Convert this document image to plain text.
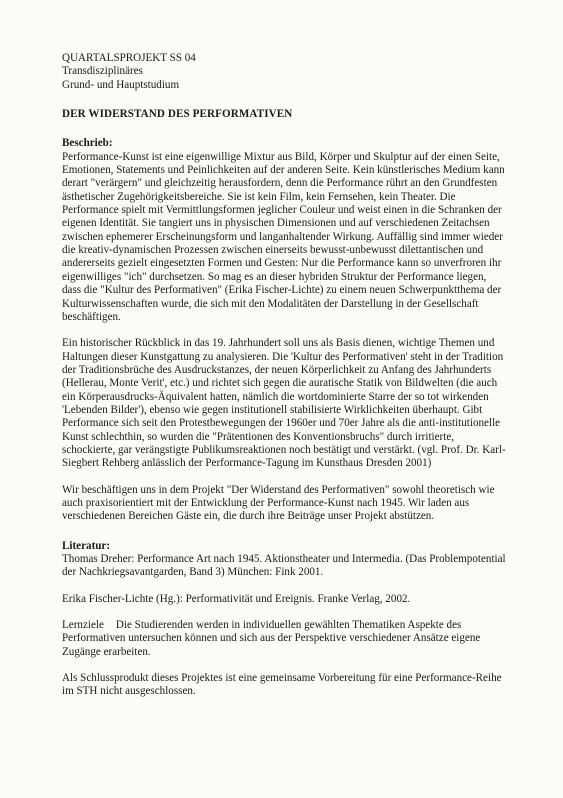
QUARTALSPROJEKT SS 04
Transdisziplinäres
Grund- und Hauptstudium
DER WIDERSTAND DES PERFORMATIVEN
Beschrieb:

Performance-Kunst ist eine eigenwillige Mixtur aus Bild, Körper und Skulptur auf der einen Seite, Emotionen, Statements und Peinlichkeiten auf der anderen Seite. Kein künstlerisches Medium kann derart "verärgern" und gleichzeitig herausfordern, denn die Performance rührt an den Grundfesten ästhetischer Zugehörigkeitsbereiche. Sie ist kein Film, kein Fernsehen, kein Theater. Die Performance spielt mit Vermittlungsformen jeglicher Couleur und weist einen in die Schranken der eigenen Identität. Sie tangiert uns in physischen Dimensionen und auf verschiedenen Zeitachsen zwischen ephemerer Erscheinungsform und langanhaltender Wirkung. Auffällig sind immer wieder die kreativ-dynamischen Prozessen zwischen einerseits bewusst-unbewusst dilettantischen und andererseits gezielt eingesetzten Formen und Gesten: Nur die Performance kann so unverfroren ihr eigenwilliges "ich" durchsetzen. So mag es an dieser hybriden Struktur der Performance liegen, dass die "Kultur des Performativen" (Erika Fischer-Lichte) zu einem neuen Schwerpunktthema der Kulturwissenschaften wurde, die sich mit den Modalitäten der Darstellung in der Gesellschaft beschäftigen.

Ein historischer Rückblick in das 19. Jahrhundert soll uns als Basis dienen, wichtige Themen und Haltungen dieser Kunstgattung zu analysieren. Die 'Kultur des Performativen' steht in der Tradition der Traditionsbrüche des Ausdruckstanzes, der neuen Körperlichkeit zu Anfang des Jahrhunderts (Hellerau, Monte Verit', etc.) und richtet sich gegen die auratische Statik von Bildwelten (die auch ein Körperausdrucks-Äquivalent hatten, nämlich die wortdominierte Starre der so tot wirkenden 'Lebenden Bilder'), ebenso wie gegen institutionell stabilisierte Wirklichkeiten überhaupt. Gibt Performance sich seit den Protestbewegungen der 1960er und 70er Jahre als die anti-institutionelle Kunst schlechthin, so wurden die "Prätentionen des Konventionsbruchs" durch irritierte, schockierte, gar verängstigte Publikumsreaktionen noch bestätigt und verstärkt. (vgl. Prof. Dr. Karl-Siegbert Rehberg anlässlich der Performance-Tagung im Kunsthaus Dresden 2001)

Wir beschäftigen uns in dem Projekt "Der Widerstand des Performativen" sowohl theoretisch wie auch praxisorientiert mit der Entwicklung der Performance-Kunst nach 1945. Wir laden aus verschiedenen Bereichen Gäste ein, die durch ihre Beiträge unser Projekt abstützen.

Literatur:

Thomas Dreher: Performance Art nach 1945. Aktionstheater und Intermedia. (Das Problempotential der Nachkriegsavantgarden, Band 3) München: Fink 2001.

Erika Fischer-Lichte (Hg.): Performativität und Ereignis. Franke Verlag, 2002.

Lernziele Die Studierenden werden in individuellen gewählten Thematiken Aspekte des Performativen untersuchen können und sich aus der Perspektive verschiedener Ansätze eigene Zugänge erarbeiten.

Als Schlussprodukt dieses Projektes ist eine gemeinsame Vorbereitung für eine Performance-Reihe im STH nicht ausgeschlossen.
